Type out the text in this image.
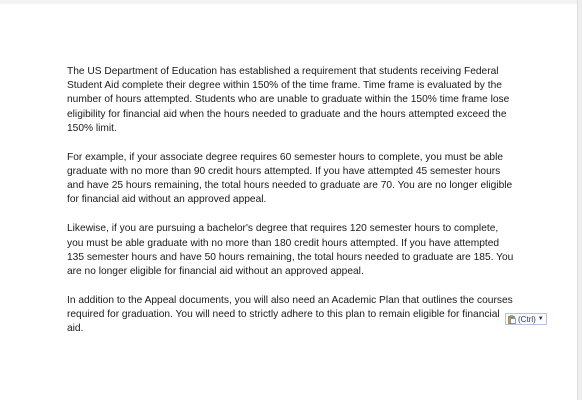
The US Department of Education has established a requirement that students receiving Federal Student Aid complete their degree within 150% of the time frame. Time frame is evaluated by the number of hours attempted. Students who are unable to graduate within the 150% time frame lose eligibility for financial aid when the hours needed to graduate and the hours attempted exceed the 150% limit.

For example, if your associate degree requires 60 semester hours to complete, you must be able graduate with no more than 90 credit hours attempted. If you have attempted 45 semester hours and have 25 hours remaining, the total hours needed to graduate are 70. You are no longer eligible for financial aid without an approved appeal.

Likewise, if you are pursuing a bachelor's degree that requires 120 semester hours to complete, you must be able graduate with no more than 180 credit hours attempted. If you have attempted 135 semester hours and have 50 hours remaining, the total hours needed to graduate are 185. You are no longer eligible for financial aid without an approved appeal.

In addition to the Appeal documents, you will also need an Academic Plan that outlines the courses required for graduation. You will need to strictly adhere to this plan to remain eligible for financial aid.

(Ctrl) ▼
